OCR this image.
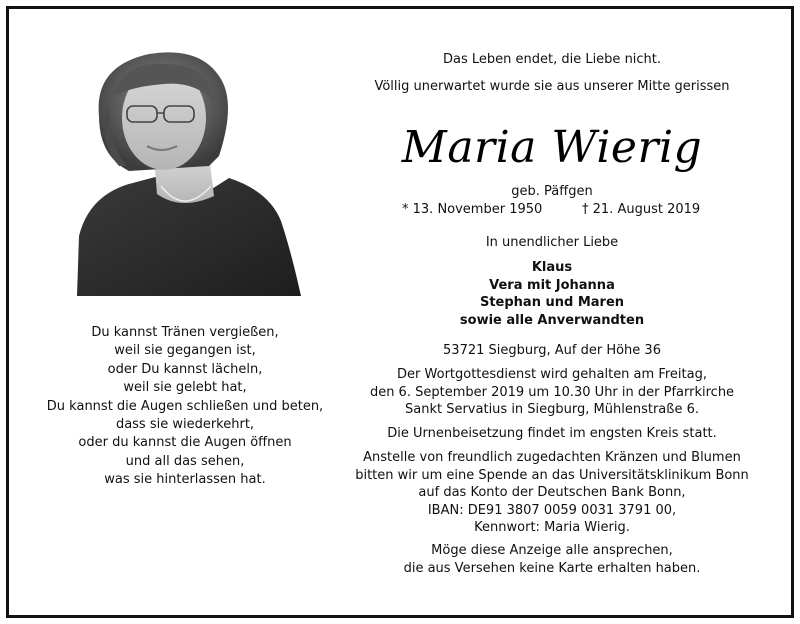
Du kannst Tränen vergießen,
weil sie gegangen ist,
oder Du kannst lächeln,
weil sie gelebt hat,
Du kannst die Augen schließen und beten,
dass sie wiederkehrt,
oder du kannst die Augen öffnen
und all das sehen,
was sie hinterlassen hat.
Das Leben endet, die Liebe nicht.
Völlig unerwartet wurde sie aus unserer Mitte gerissen
Maria Wierig
geb. Päffgen
* 13. November 1950	† 21. August 2019
In unendlicher Liebe
Klaus
Vera mit Johanna
Stephan und Maren
sowie alle Anverwandten
53721 Siegburg, Auf der Höhe 36
Der Wortgottesdienst wird gehalten am Freitag,
den 6. September 2019 um 10.30 Uhr in der Pfarrkirche
Sankt Servatius in Siegburg, Mühlenstraße 6.
Die Urnenbeisetzung findet im engsten Kreis statt.
Anstelle von freundlich zugedachten Kränzen und Blumen
bitten wir um eine Spende an das Universitätsklinikum Bonn
auf das Konto der Deutschen Bank Bonn,
IBAN: DE91 3807 0059 0031 3791 00,
Kennwort: Maria Wierig.
Möge diese Anzeige alle ansprechen,
die aus Versehen keine Karte erhalten haben.
